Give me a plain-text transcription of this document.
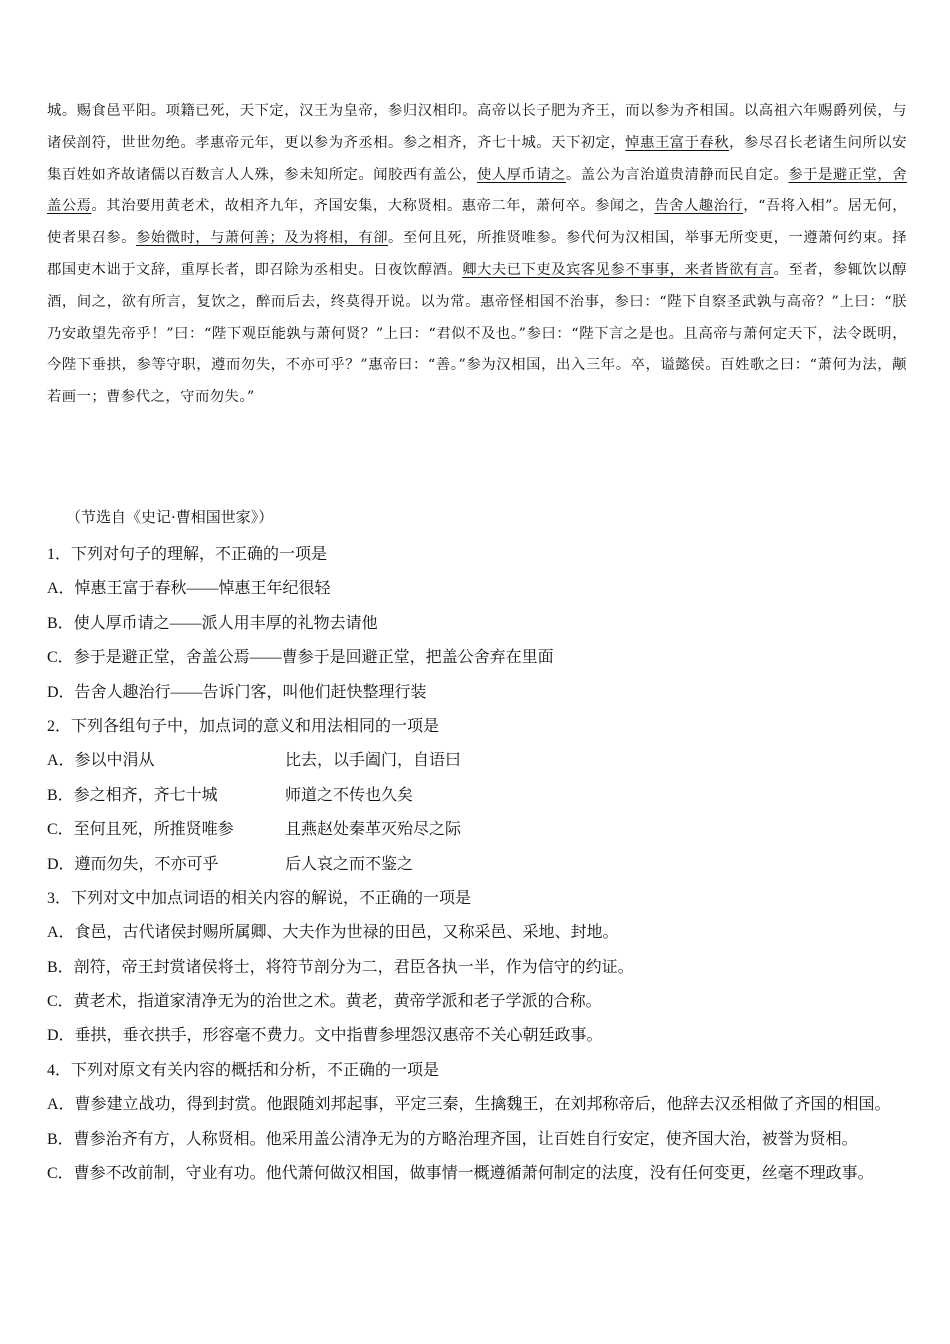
城。赐食邑平阳。项籍已死，天下定，汉王为皇帝，参归汉相印。高帝以长子肥为齐王，而以参为齐相国。以高祖六年赐爵列侯，与诸侯剖符，世世勿绝。孝惠帝元年，更以参为齐丞相。参之相齐，齐七十城。天下初定，悼惠王富于春秋，参尽召长老诸生问所以安集百姓如齐故诸儒以百数言人人殊，参未知所定。闻胶西有盖公，使人厚币请之。盖公为言治道贵清静而民自定。参于是避正堂，舍盖公焉。其治要用黄老术，故相齐九年，齐国安集，大称贤相。惠帝二年，萧何卒。参闻之，告舍人趣治行，“吾将入相”。居无何，使者果召参。参始微时，与萧何善；及为将相，有卻。至何且死，所推贤唯参。参代何为汉相国，举事无所变更，一遵萧何约束。择郡国吏木诎于文辞，重厚长者，即召除为丞相史。日夜饮醇酒。卿大夫已下吏及宾客见参不事事，来者皆欲有言。至者，参辄饮以醇酒，间之，欲有所言，复饮之，醉而后去，终莫得开说。以为常。惠帝怪相国不治事，参曰：“陛下自察圣武孰与高帝？”上曰：“朕乃安敢望先帝乎！”曰：“陛下观臣能孰与萧何贤？”上曰：“君似不及也。”参曰：“陛下言之是也。且高帝与萧何定天下，法令既明，今陛下垂拱，参等守职，遵而勿失，不亦可乎？”惠帝曰：“善。”参为汉相国，出入三年。卒，谥懿侯。百姓歌之曰：“萧何为法，颟若画一；曹参代之，守而勿失。”

（节选自《史记·曹相国世家》）
1．下列对句子的理解，不正确的一项是
A．悼惠王富于春秋——悼惠王年纪很轻
B．使人厚币请之——派人用丰厚的礼物去请他
C．参于是避正堂，舍盖公焉——曹参于是回避正堂，把盖公舍弃在里面
D．告舍人趣治行——告诉门客，叫他们赶快整理行装
2．下列各组句子中，加点词的意义和用法相同的一项是
A．参以中涓从	比去，以手阖门，自语曰
B．参之相齐，齐七十城	师道之不传也久矣
C．至何且死，所推贤唯参	且燕赵处秦革灭殆尽之际
D．遵而勿失，不亦可乎	后人哀之而不鉴之
3．下列对文中加点词语的相关内容的解说，不正确的一项是
A．食邑，古代诸侯封赐所属卿、大夫作为世禄的田邑，又称采邑、采地、封地。
B．剖符，帝王封赏诸侯将士，将符节剖分为二，君臣各执一半，作为信守的约证。
C．黄老术，指道家清净无为的治世之术。黄老，黄帝学派和老子学派的合称。
D．垂拱，垂衣拱手，形容毫不费力。文中指曹参埋怨汉惠帝不关心朝廷政事。
4．下列对原文有关内容的概括和分析，不正确的一项是
A．曹参建立战功，得到封赏。他跟随刘邦起事，平定三秦，生擒魏王，在刘邦称帝后，他辞去汉丞相做了齐国的相国。
B．曹参治齐有方，人称贤相。他采用盖公清净无为的方略治理齐国，让百姓自行安定，使齐国大治，被誉为贤相。
C．曹参不改前制，守业有功。他代萧何做汉相国，做事情一概遵循萧何制定的法度，没有任何变更，丝毫不理政事。
